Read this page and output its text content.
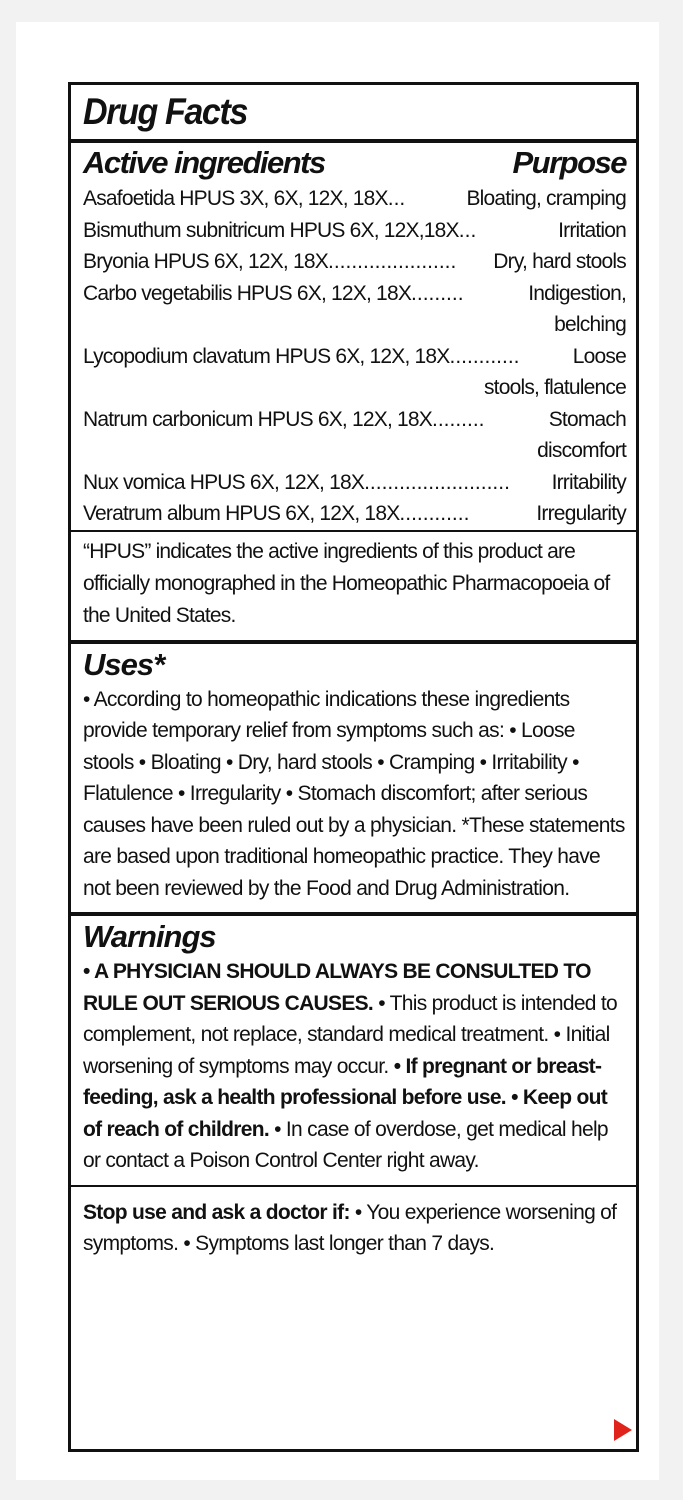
Drug Facts
Active ingredients	Purpose
Asafoetida HPUS 3X, 6X, 12X, 18X ...	Bloating, cramping
Bismuthum subnitricum HPUS 6X, 12X,18X ...	Irritation
Bryonia HPUS 6X, 12X, 18X ......................	Dry, hard stools
Carbo vegetabilis HPUS 6X, 12X, 18X .........	Indigestion,
belching
Lycopodium clavatum HPUS 6X, 12X, 18X ............	Loose
stools, flatulence
Natrum carbonicum HPUS 6X, 12X, 18X .........	Stomach
discomfort
Nux vomica HPUS 6X, 12X, 18X .........................	Irritability
Veratrum album HPUS 6X, 12X, 18X ............	Irregularity
“HPUS” indicates the active ingredients of this product are officially monographed in the Homeopathic Pharmacopoeia of the United States.
Uses*
• According to homeopathic indications these ingredients provide temporary relief from symptoms such as: • Loose stools • Bloating • Dry, hard stools • Cramping • Irritability • Flatulence • Irregularity • Stomach discomfort; after serious causes have been ruled out by a physician. *These statements are based upon traditional homeopathic practice. They have not been reviewed by the Food and Drug Administration.
Warnings
• A PHYSICIAN SHOULD ALWAYS BE CONSULTED TO RULE OUT SERIOUS CAUSES. • This product is intended to complement, not replace, standard medical treatment. • Initial worsening of symptoms may occur. • If pregnant or breast-feeding, ask a health professional before use. • Keep out of reach of children. • In case of overdose, get medical help or contact a Poison Control Center right away.
Stop use and ask a doctor if: • You experience worsening of symptoms. • Symptoms last longer than 7 days.
